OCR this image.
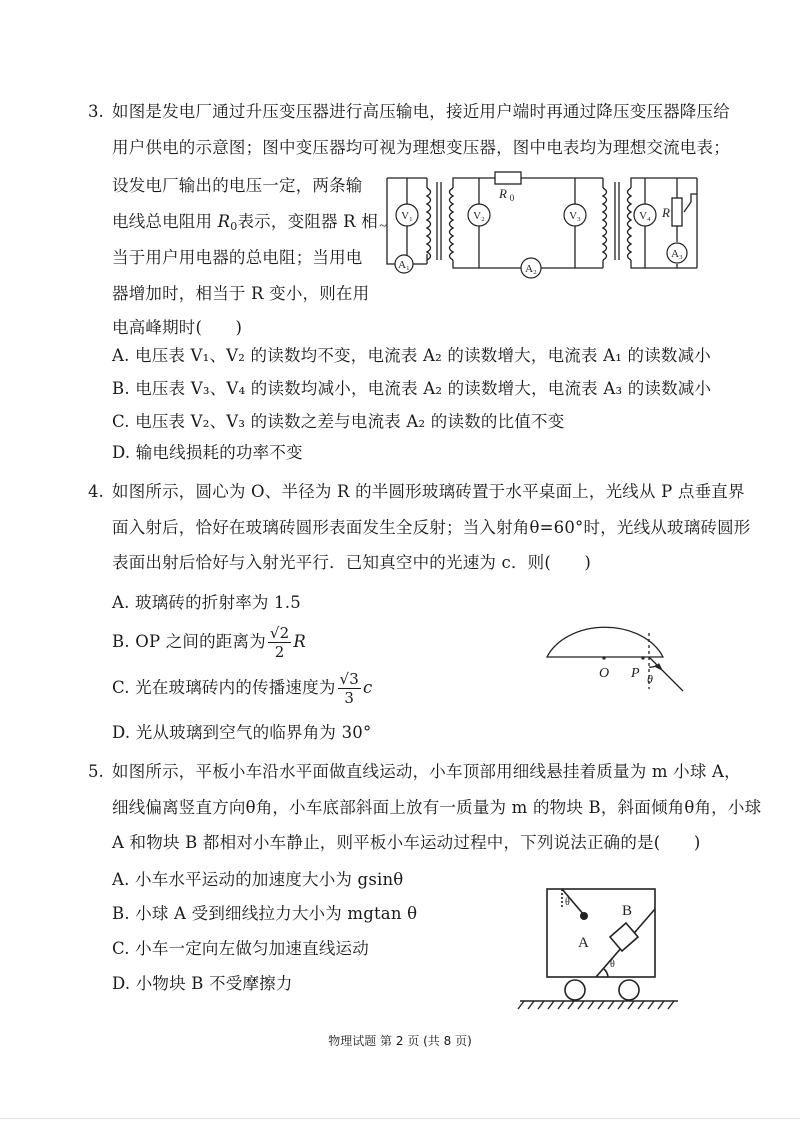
3. 如图是发电厂通过升压变压器进行高压输电，接近用户端时再通过降压变压器降压给
用户供电的示意图；图中变压器均可视为理想变压器，图中电表均为理想交流电表；
设发电厂输出的电压一定，两条输
电线总电阻用 $R_0$表示，变阻器 R 相
当于用户用电器的总电阻；当用电
器增加时，相当于 R 变小，则在用
电高峰期时(　　)
V₁
A₁
V₂
A₂
V₃	V₄
A₃
R 0
R
~
A. 电压表 V₁、V₂ 的读数均不变，电流表 A₂ 的读数增大，电流表 A₁ 的读数减小
B. 电压表 V₃、V₄ 的读数均减小，电流表 A₂ 的读数增大，电流表 A₃ 的读数减小
C. 电压表 V₂、V₃ 的读数之差与电流表 A₂ 的读数的比值不变
D. 输电线损耗的功率不变
4. 如图所示，圆心为 O、半径为 R 的半圆形玻璃砖置于水平桌面上，光线从 P 点垂直界
面入射后，恰好在玻璃砖圆形表面发生全反射；当入射角θ=60°时，光线从玻璃砖圆形
表面出射后恰好与入射光平行．已知真空中的光速为 c．则(　　)
A. 玻璃砖的折射率为 1.5
B. OP 之间的距离为 $\frac{√2}{2}$ R
C. 光在玻璃砖内的传播速度为 $\frac{√3}{3}$ c
D. 光从玻璃到空气的临界角为 30°
O P θ
5. 如图所示，平板小车沿水平面做直线运动，小车顶部用细线悬挂着质量为 m 小球 A，
细线偏离竖直方向θ角，小车底部斜面上放有一质量为 m 的物块 B，斜面倾角θ角，小球
A 和物块 B 都相对小车静止，则平板小车运动过程中，下列说法正确的是(　　)
A. 小车水平运动的加速度大小为 gsinθ
B. 小球 A 受到细线拉力大小为 mgtan θ
C. 小车一定向左做匀加速直线运动
D. 小物块 B 不受摩擦力
A
B
θ
θ
物理试题 第 2 页 (共 8 页)
